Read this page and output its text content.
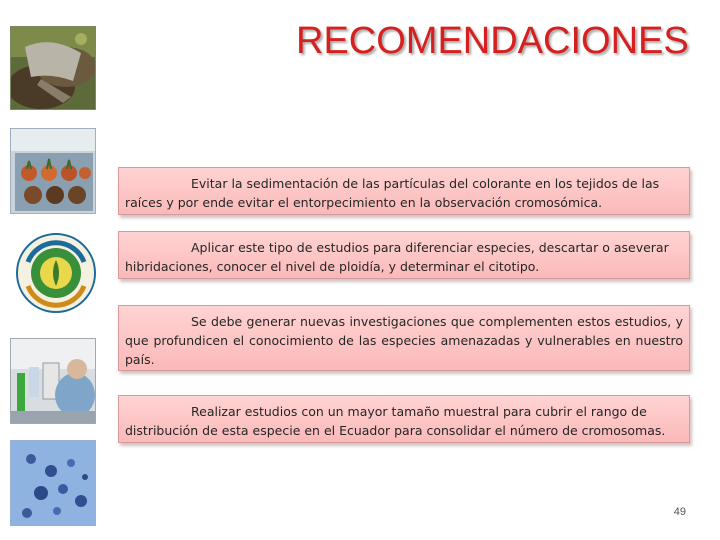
RECOMENDACIONES
Evitar la sedimentación de las partículas del colorante en los tejidos de las raíces y por ende evitar el entorpecimiento en la observación cromosómica.
Aplicar este tipo de estudios para diferenciar especies, descartar o aseverar hibridaciones, conocer el nivel de ploidía, y determinar el citotipo.
Se debe generar nuevas investigaciones que complementen estos estudios, y que profundicen el conocimiento de las especies amenazadas y vulnerables en nuestro país.
Realizar estudios con un mayor tamaño muestral para cubrir el rango de distribución de esta especie en el Ecuador para consolidar el número de cromosomas.
49
